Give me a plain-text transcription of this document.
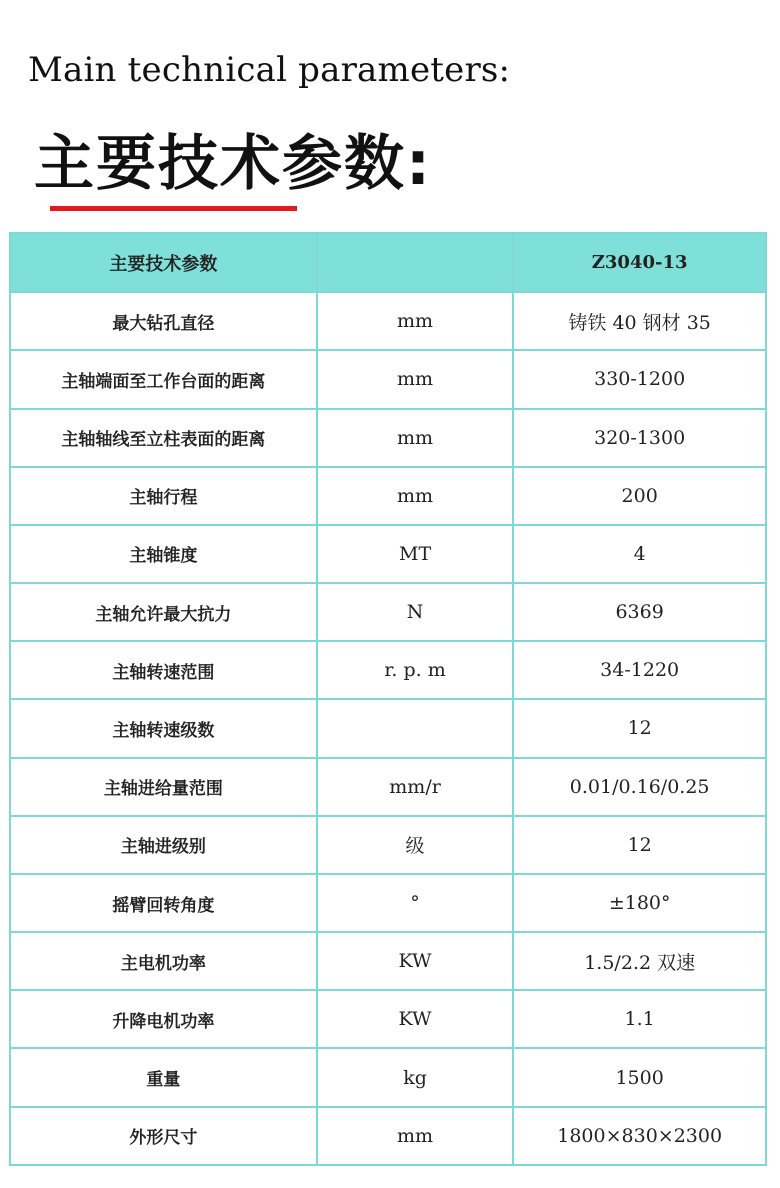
Main technical parameters:
主要技术参数:
主要技术参数		Z3040-13
最大钻孔直径	mm	铸铁 40 钢材 35
主轴端面至工作台面的距离	mm	330-1200
主轴轴线至立柱表面的距离	mm	320-1300
主轴行程	mm	200
主轴锥度	MT	4
主轴允许最大抗力	N	6369
主轴转速范围	r. p. m	34-1220
主轴转速级数		12
主轴进给量范围	mm/r	0.01/0.16/0.25
主轴进级别	级	12
摇臂回转角度	°	±180°
主电机功率	KW	1.5/2.2 双速
升降电机功率	KW	1.1
重量	kg	1500
外形尺寸	mm	1800×830×2300
